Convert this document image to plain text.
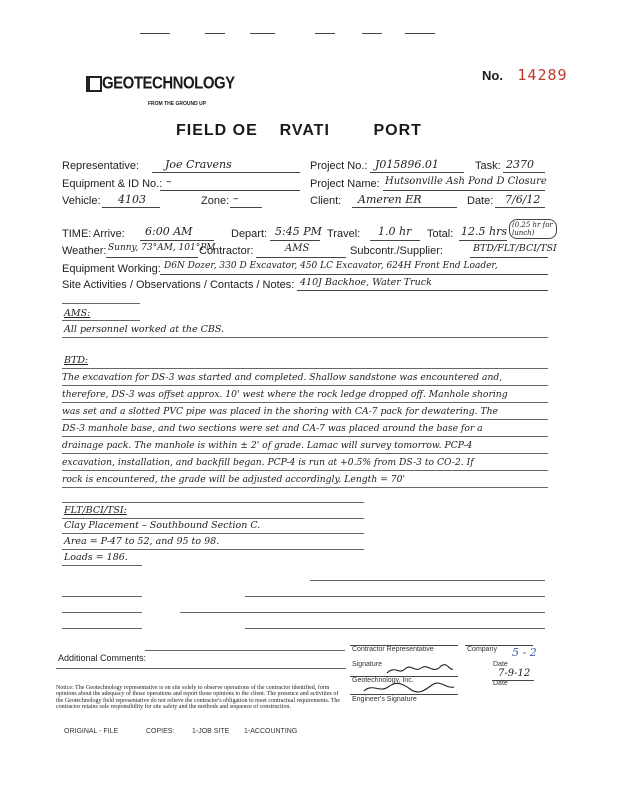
No. 14289
GEOTECHNOLOGY
FROM THE GROUND UP
FIELD OE    RVATI        PORT
Representative: Joe Cravens	Project No.: J015896.01	Task: 2370
Equipment & ID No.: –	Project Name: Hutsonville Ash Pond D Closure
Vehicle: 4103	Zone: –	Client: Ameren ER	Date: 7/6/12
TIME: Arrive: 6:00 AM	Depart: 5:45 PM Travel: 1.0 hr Total: 12.5 hrs (0.25 hr for lunch)
Weather: Sunny, 73°AM, 101°PM
Contractor:	AMS	Subcontr./Supplier:	BTD/FLT/BCI/TSI
Equipment Working: D6N Dozer, 330 D Excavator, 450 LC Excavator, 624H Front End Loader,
Site Activities / Observations / Contacts / Notes: 410J Backhoe, Water Truck
AMS:
All personnel worked at the CBS.
BTD:
The excavation for DS-3 was started and completed. Shallow sandstone was encountered and,
therefore, DS-3 was offset approx. 10' west where the rock ledge dropped off. Manhole shoring
was set and a slotted PVC pipe was placed in the shoring with CA-7 pack for dewatering. The
DS-3 manhole base, and two sections were set and CA-7 was placed around the base for a
drainage pack. The manhole is within ± 2' of grade. Lamac will survey tomorrow. PCP-4
excavation, installation, and backfill began. PCP-4 is run at +0.5% from DS-3 to CO-2. If
rock is encountered, the grade will be adjusted accordingly. Length = 70'
FLT/BCI/TSI:
Clay Placement – Southbound Section C.
Area = P-47 to 52, and 95 to 98.
Loads = 186.
Additional Comments:
Contractor Representative	Company 5 - 2
Signature	Date
7-9-12
Geotechnology, Inc.	Date
Engineer's Signature
Notice: The Geotechnology representative is on site solely to observe operations of the contractor identified, form opinions about the adequacy of those operations and report those opinions to the client. The presence and activities of the Geotechnology field representative do not relieve the contractor's obligation to meet contractual requirements. The contractor retains sole responsibility for site safety and the methods and sequence of construction.
ORIGINAL - FILE	COPIES:	1-JOB SITE 1-ACCOUNTING
